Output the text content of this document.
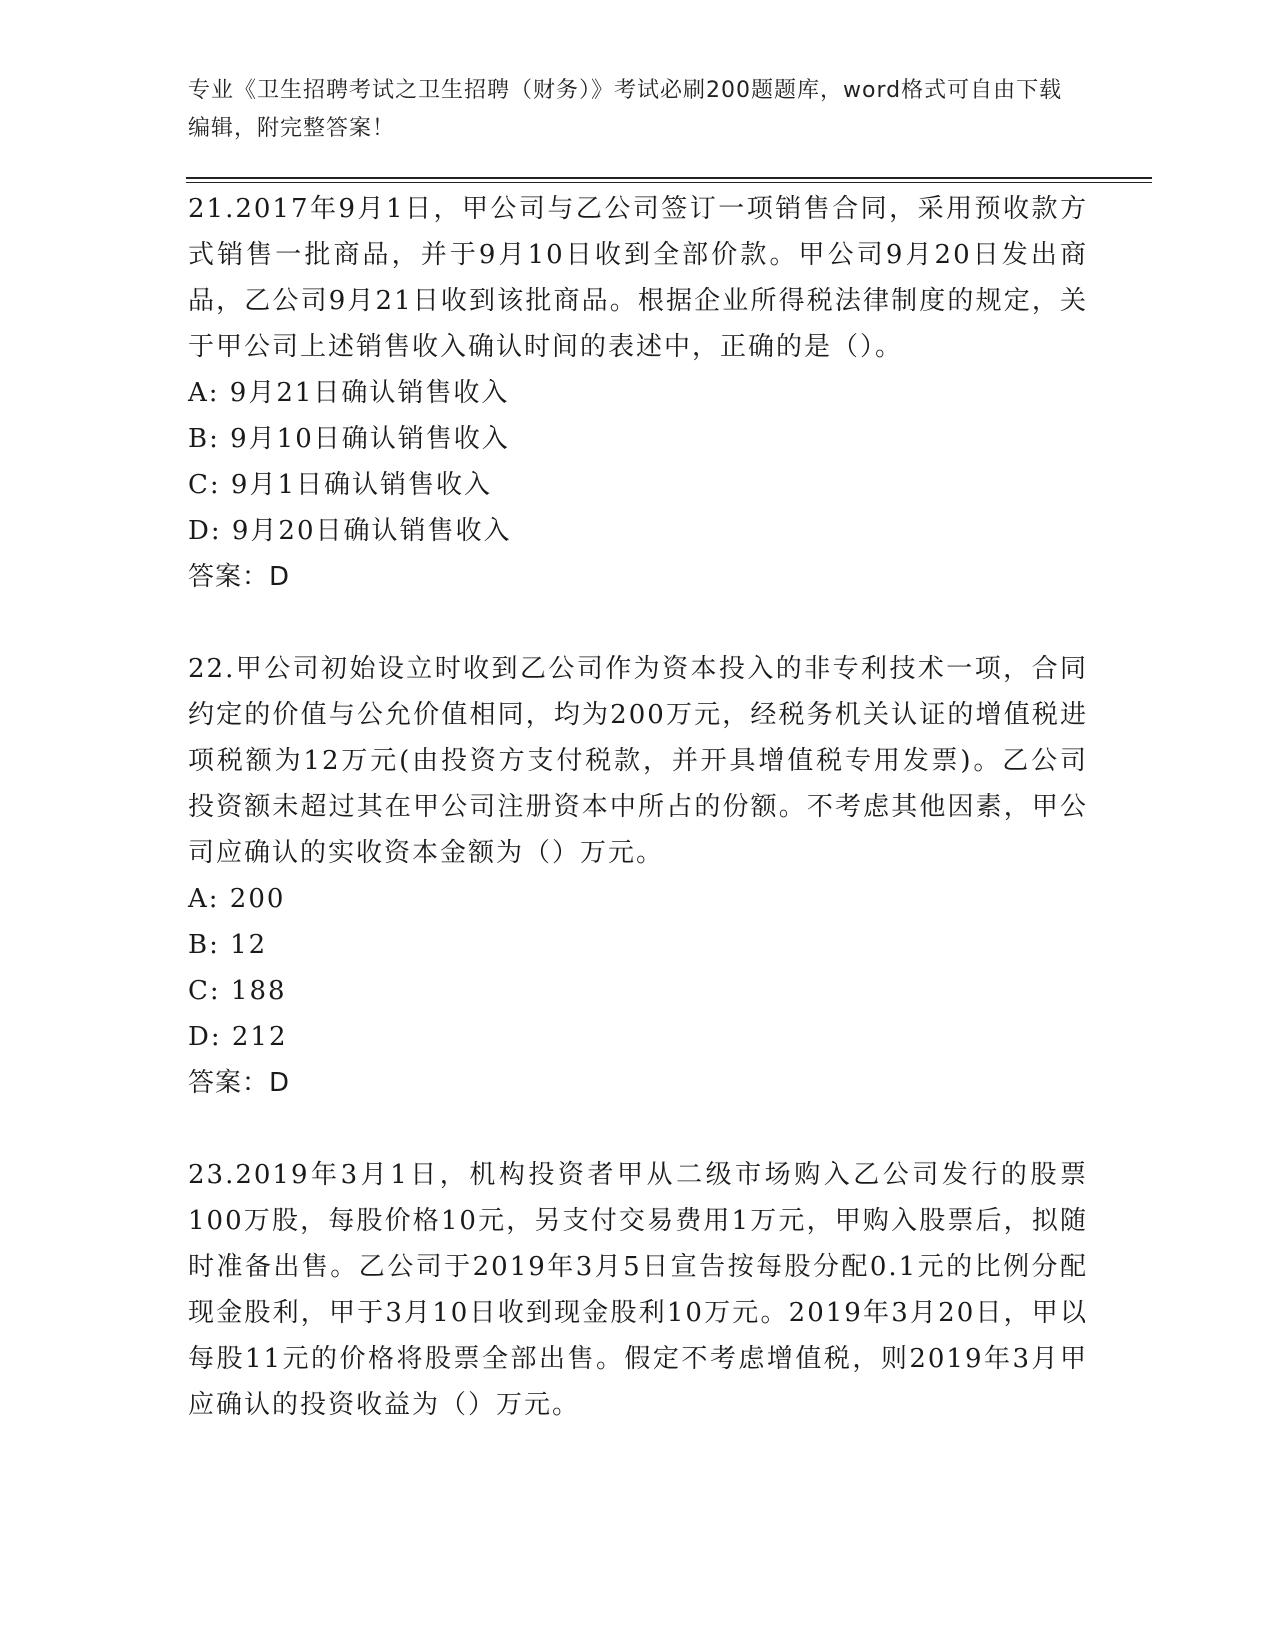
专业《卫生招聘考试之卫生招聘（财务）》考试必刷200题题库，word格式可自由下载编辑，附完整答案！

21.2017年9月1日，甲公司与乙公司签订一项销售合同，采用预收款方式销售一批商品，并于9月10日收到全部价款。甲公司9月20日发出商品，乙公司9月21日收到该批商品。根据企业所得税法律制度的规定，关于甲公司上述销售收入确认时间的表述中，正确的是（）。

A: 9月21日确认销售收入

B: 9月10日确认销售收入

C: 9月1日确认销售收入

D: 9月20日确认销售收入

答案：D

22.甲公司初始设立时收到乙公司作为资本投入的非专利技术一项，合同约定的价值与公允价值相同，均为200万元，经税务机关认证的增值税进项税额为12万元(由投资方支付税款，并开具增值税专用发票)。乙公司投资额未超过其在甲公司注册资本中所占的份额。不考虑其他因素，甲公司应确认的实收资本金额为（）万元。

A: 200

B: 12

C: 188

D: 212

答案：D

23.2019年3月1日，机构投资者甲从二级市场购入乙公司发行的股票100万股，每股价格10元，另支付交易费用1万元，甲购入股票后，拟随时准备出售。乙公司于2019年3月5日宣告按每股分配0.1元的比例分配现金股利，甲于3月10日收到现金股利10万元。2019年3月20日，甲以每股11元的价格将股票全部出售。假定不考虑增值税，则2019年3月甲应确认的投资收益为（）万元。
